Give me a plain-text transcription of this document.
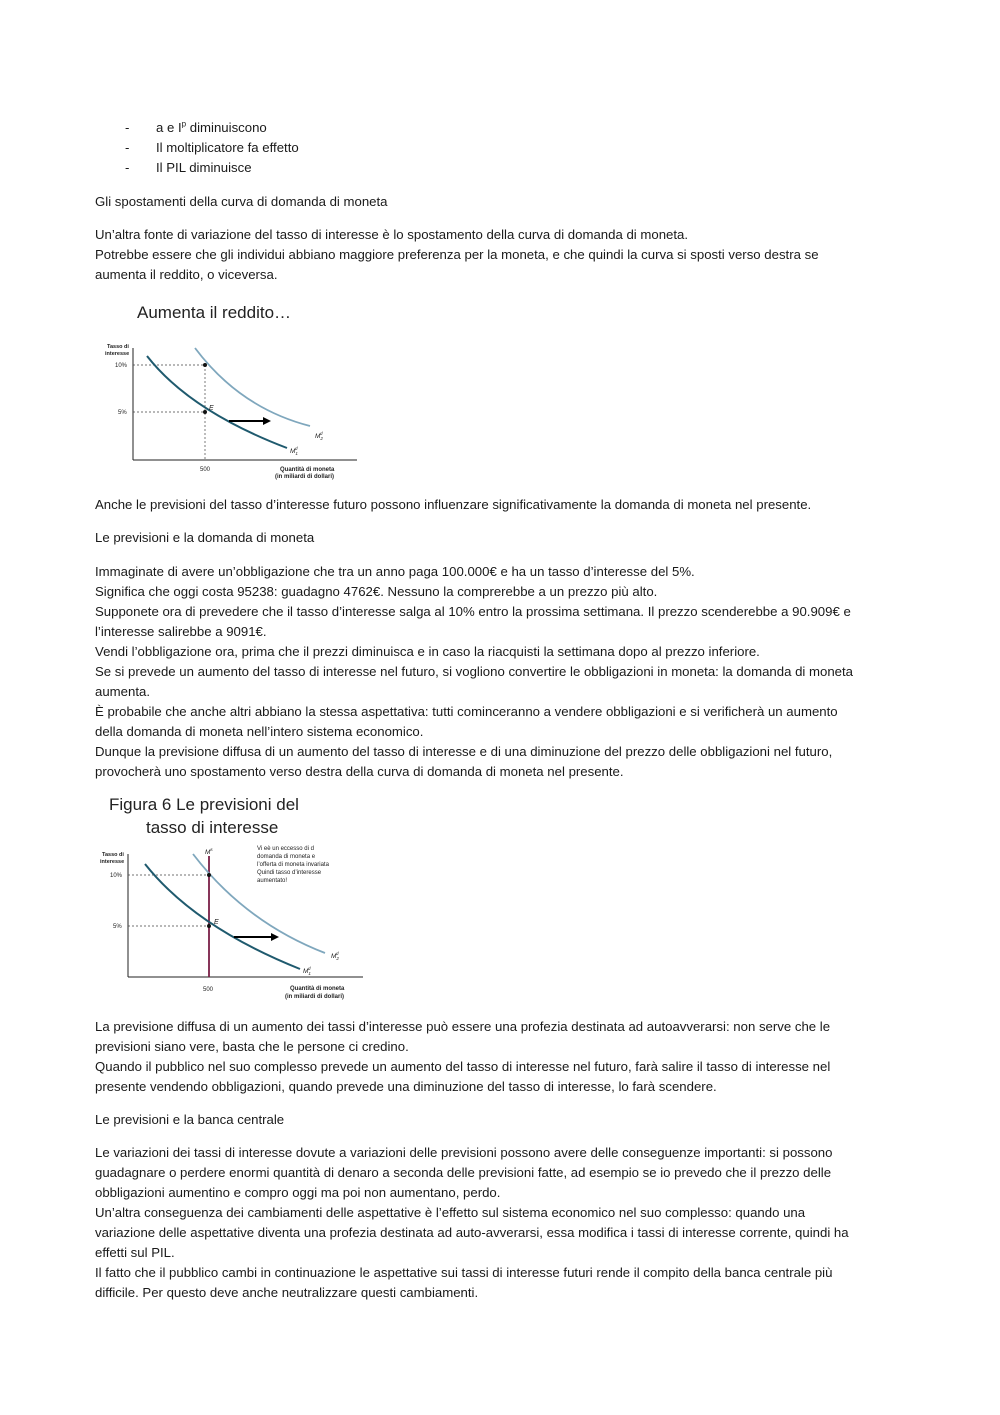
-	a e $I^p$ diminuiscono
-	Il moltiplicatore fa effetto
-	Il PIL diminuisce

Gli spostamenti della curva di domanda di moneta

Un’altra fonte di variazione del tasso di interesse è lo spostamento della curva di domanda di moneta.

Potrebbe essere che gli individui abbiano maggiore preferenza per la moneta, e che quindi la curva si sposti verso destra se

aumenta il reddito, o viceversa.

Aumenta il reddito…
Tasso di
interesse
10%
5%
E
$M_2d$
$M_1d$
500	Quantità di moneta
(in miliardi di dollari)

Anche le previsioni del tasso d’interesse futuro possono influenzare significativamente la domanda di moneta nel presente.

Le previsioni e la domanda di moneta

Immaginate di avere un’obbligazione che tra un anno paga 100.000€ e ha un tasso d’interesse del 5%.

Significa che oggi costa 95238: guadagno 4762€. Nessuno la comprerebbe a un prezzo più alto.

Supponete ora di prevedere che il tasso d’interesse salga al 10% entro la prossima settimana. Il prezzo scenderebbe a 90.909€ e

l’interesse salirebbe a 9091€.

Vendi l’obbligazione ora, prima che il prezzi diminuisca e in caso la riacquisti la settimana dopo al prezzo inferiore.

Se si prevede un aumento del tasso di interesse nel futuro, si vogliono convertire le obbligazioni in moneta: la domanda di moneta

aumenta.

È probabile che anche altri abbiano la stessa aspettativa: tutti cominceranno a vendere obbligazioni e si verificherà un aumento

della domanda di moneta nell’intero sistema economico.

Dunque la previsione diffusa di un aumento del tasso di interesse e di una diminuzione del prezzo delle obbligazioni nel futuro,

provocherà uno spostamento verso destra della curva di domanda di moneta nel presente.

Figura 6 Le previsioni del
tasso di interesse
Tasso di
interesse
10%
5%
$M^s$
E
Vi eè un eccesso di d
domanda di moneta e
l’offerta di moneta invariata
Quindi tasso d’interesse
aumentato!
$M_2d$
$M_1d$
500	Quantità di moneta
(in miliardi di dollari)

La previsione diffusa di un aumento dei tassi d’interesse può essere una profezia destinata ad autoavverarsi: non serve che le

previsioni siano vere, basta che le persone ci credino.

Quando il pubblico nel suo complesso prevede un aumento del tasso di interesse nel futuro, farà salire il tasso di interesse nel

presente vendendo obbligazioni, quando prevede una diminuzione del tasso di interesse, lo farà scendere.

Le previsioni e la banca centrale

Le variazioni dei tassi di interesse dovute a variazioni delle previsioni possono avere delle conseguenze importanti: si possono

guadagnare o perdere enormi quantità di denaro a seconda delle previsioni fatte, ad esempio se io prevedo che il prezzo delle

obbligazioni aumentino e compro oggi ma poi non aumentano, perdo.

Un’altra conseguenza dei cambiamenti delle aspettative è l’effetto sul sistema economico nel suo complesso: quando una

variazione delle aspettative diventa una profezia destinata ad auto-avverarsi, essa modifica i tassi di interesse corrente, quindi ha

effetti sul PIL.

Il fatto che il pubblico cambi in continuazione le aspettative sui tassi di interesse futuri rende il compito della banca centrale più

difficile. Per questo deve anche neutralizzare questi cambiamenti.
